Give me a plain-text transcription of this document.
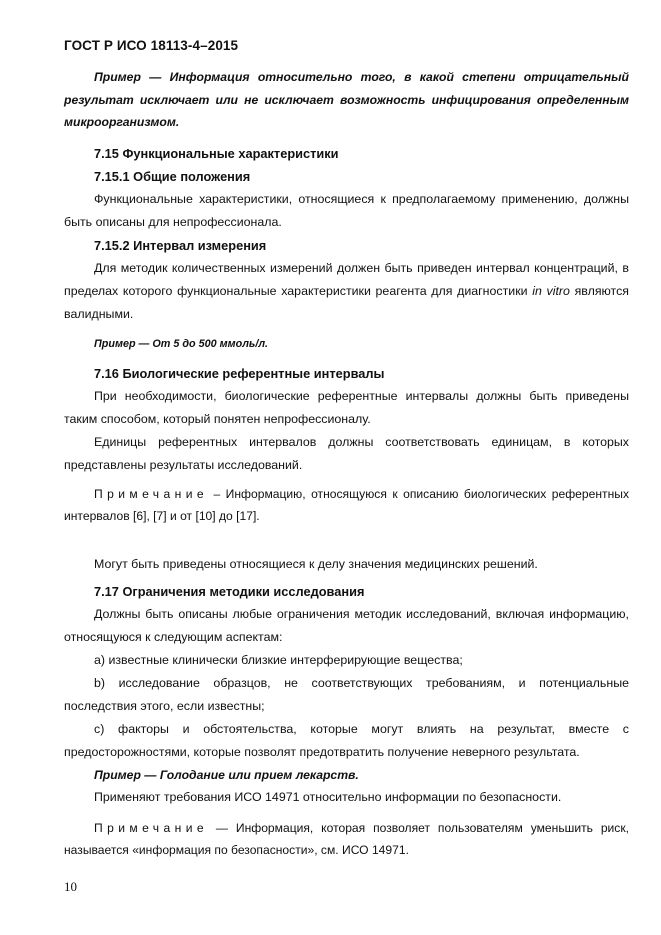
ГОСТ Р ИСО 18113-4–2015

Пример — Информация относительно того, в какой степени отрицательный результат исключает или не исключает возможность инфицирования определенным микроорганизмом.

7.15 Функциональные характеристики

7.15.1 Общие положения

Функциональные характеристики, относящиеся к предполагаемому применению, должны быть описаны для непрофессионала.

7.15.2 Интервал измерения

Для методик количественных измерений должен быть приведен интервал концентраций, в пределах которого функциональные характеристики реагента для диагностики in vitro являются валидными.

Пример — От 5 до 500 ммоль/л.

7.16 Биологические референтные интервалы

При необходимости, биологические референтные интервалы должны быть приведены таким способом, который понятен непрофессионалу.

Единицы референтных интервалов должны соответствовать единицам, в которых представлены результаты исследований.

Примечание – Информацию, относящуюся к описанию биологических референтных интервалов [6], [7] и от [10] до [17].

Могут быть приведены относящиеся к делу значения медицинских решений.

7.17 Ограничения методики исследования

Должны быть описаны любые ограничения методик исследований, включая информацию, относящуюся к следующим аспектам:

a) известные клинически близкие интерферирующие вещества;

b) исследование образцов, не соответствующих требованиям, и потенциальные последствия этого, если известны;

c) факторы и обстоятельства, которые могут влиять на результат, вместе с предосторожностями, которые позволят предотвратить получение неверного результата.

Пример — Голодание или прием лекарств.

Применяют требования ИСО 14971 относительно информации по безопасности.

Примечание — Информация, которая позволяет пользователям уменьшить риск, называется «информация по безопасности», см. ИСО 14971.

10
